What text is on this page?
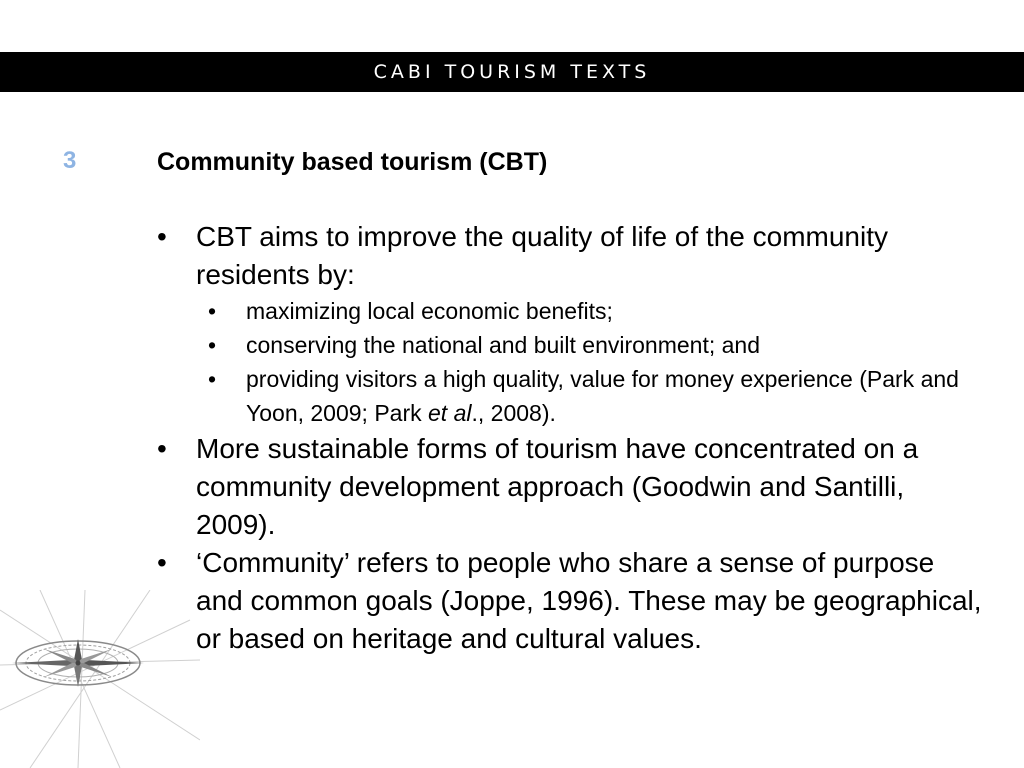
CABI TOURISM TEXTS
3	Community based tourism (CBT)
•	CBT aims to improve the quality of life of the community residents by:
• maximizing local economic benefits;
• conserving the national and built environment; and
• providing visitors a high quality, value for money experience (Park and Yoon, 2009; Park et al., 2008).
•	More sustainable forms of tourism have concentrated on a community development approach (Goodwin and Santilli, 2009).
•	‘Community’ refers to people who share a sense of purpose and common goals (Joppe, 1996). These may be geographical, or based on heritage and cultural values.
